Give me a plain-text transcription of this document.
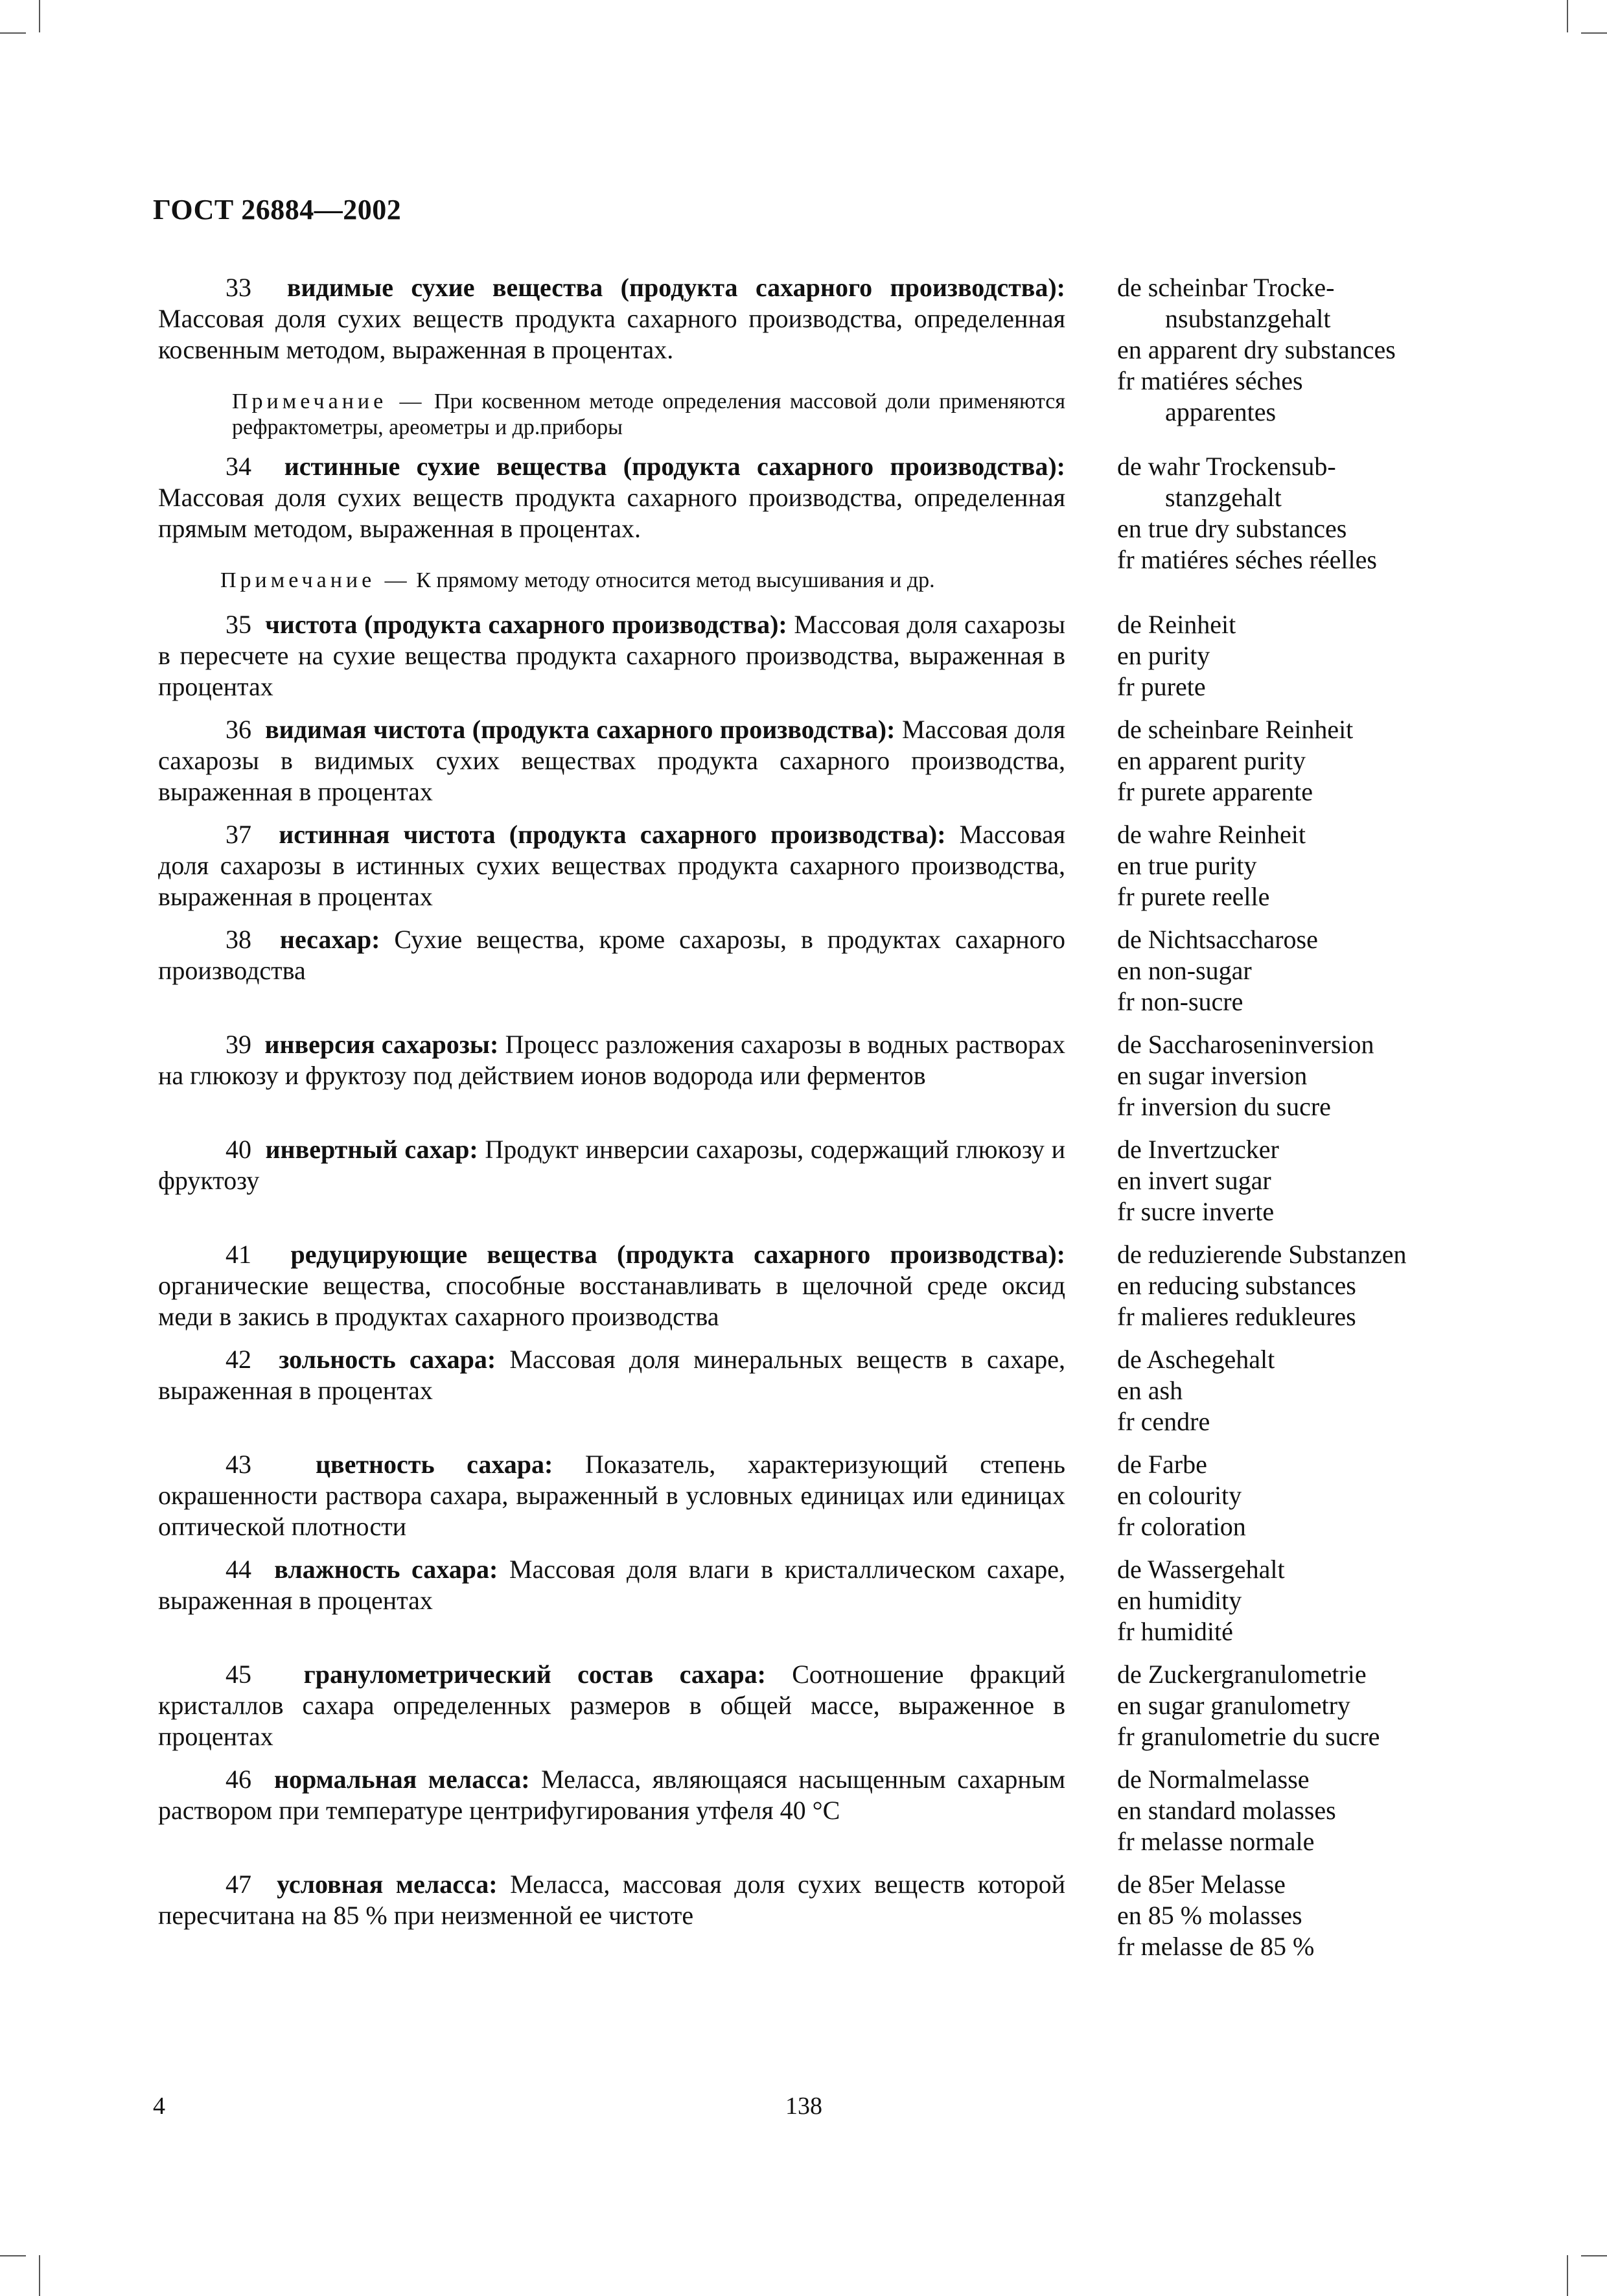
ГОСТ 26884—2002
33 видимые сухие вещества (продукта сахарного производства): Массовая доля сухих веществ продукта сахарного производства, определенная косвенным методом, выраженная в процентах.
Примечание — При косвенном методе определения массовой доли применяются рефрактометры, ареометры и др.приборы
de scheinbar Trocke-
nsubstanzgehalt
en apparent dry substances
fr matiéres séches
apparentes
34 истинные сухие вещества (продукта сахарного производства): Массовая доля сухих веществ продукта сахарного производства, определенная прямым методом, выраженная в процентах.
Примечание — К прямому методу относится метод высушивания и др.
de wahr Trockensub-
stanzgehalt
en true dry substances
fr matiéres séches réelles
35 чистота (продукта сахарного производства): Массовая доля сахарозы в пересчете на сухие вещества продукта сахарного производства, выраженная в процентах
de Reinheit
en purity
fr purete
36 видимая чистота (продукта сахарного производства): Массовая доля сахарозы в видимых сухих веществах продукта сахарного производства, выраженная в процентах
de scheinbare Reinheit
en apparent purity
fr purete apparente
37 истинная чистота (продукта сахарного производства): Массовая доля сахарозы в истинных сухих веществах продукта сахарного производства, выраженная в процентах
de wahre Reinheit
en true purity
fr purete reelle
38 несахар: Сухие вещества, кроме сахарозы, в продуктах сахарного производства
de Nichtsaccharose
en non-sugar
fr non-sucre
39 инверсия сахарозы: Процесс разложения сахарозы в водных растворах на глюкозу и фруктозу под действием ионов водорода или ферментов
de Saccharoseninversion
en sugar inversion
fr inversion du sucre
40 инвертный сахар: Продукт инверсии сахарозы, содержащий глюкозу и фруктозу
de Invertzucker
en invert sugar
fr sucre inverte
41 редуцирующие вещества (продукта сахарного производства): органические вещества, способные восстанавливать в щелочной среде оксид меди в закись в продуктах сахарного производства
de reduzierende Substanzen
en reducing substances
fr malieres redukleures
42 зольность сахара: Массовая доля минеральных веществ в сахаре, выраженная в процентах
de Aschegehalt
en ash
fr cendre
43 цветность сахара: Показатель, характеризующий степень окрашенности раствора сахара, выраженный в условных единицах или единицах оптической плотности
de Farbe
en colourity
fr coloration
44 влажность сахара: Массовая доля влаги в кристаллическом сахаре, выраженная в процентах
de Wassergehalt
en humidity
fr humidité
45 гранулометрический состав сахара: Соотношение фракций кристаллов сахара определенных размеров в общей массе, выраженное в процентах
de Zuckergranulometrie
en sugar granulometry
fr granulometrie du sucre
46 нормальная меласса: Меласса, являющаяся насыщенным сахарным раствором при температуре центрифугирования утфеля 40 °С
de Normalmelasse
en standard molasses
fr melasse normale
47 условная меласса: Меласса, массовая доля сухих веществ которой пересчитана на 85 % при неизменной ее чистоте
de 85er Melasse
en 85 % molasses
fr melasse de 85 %
4	138
